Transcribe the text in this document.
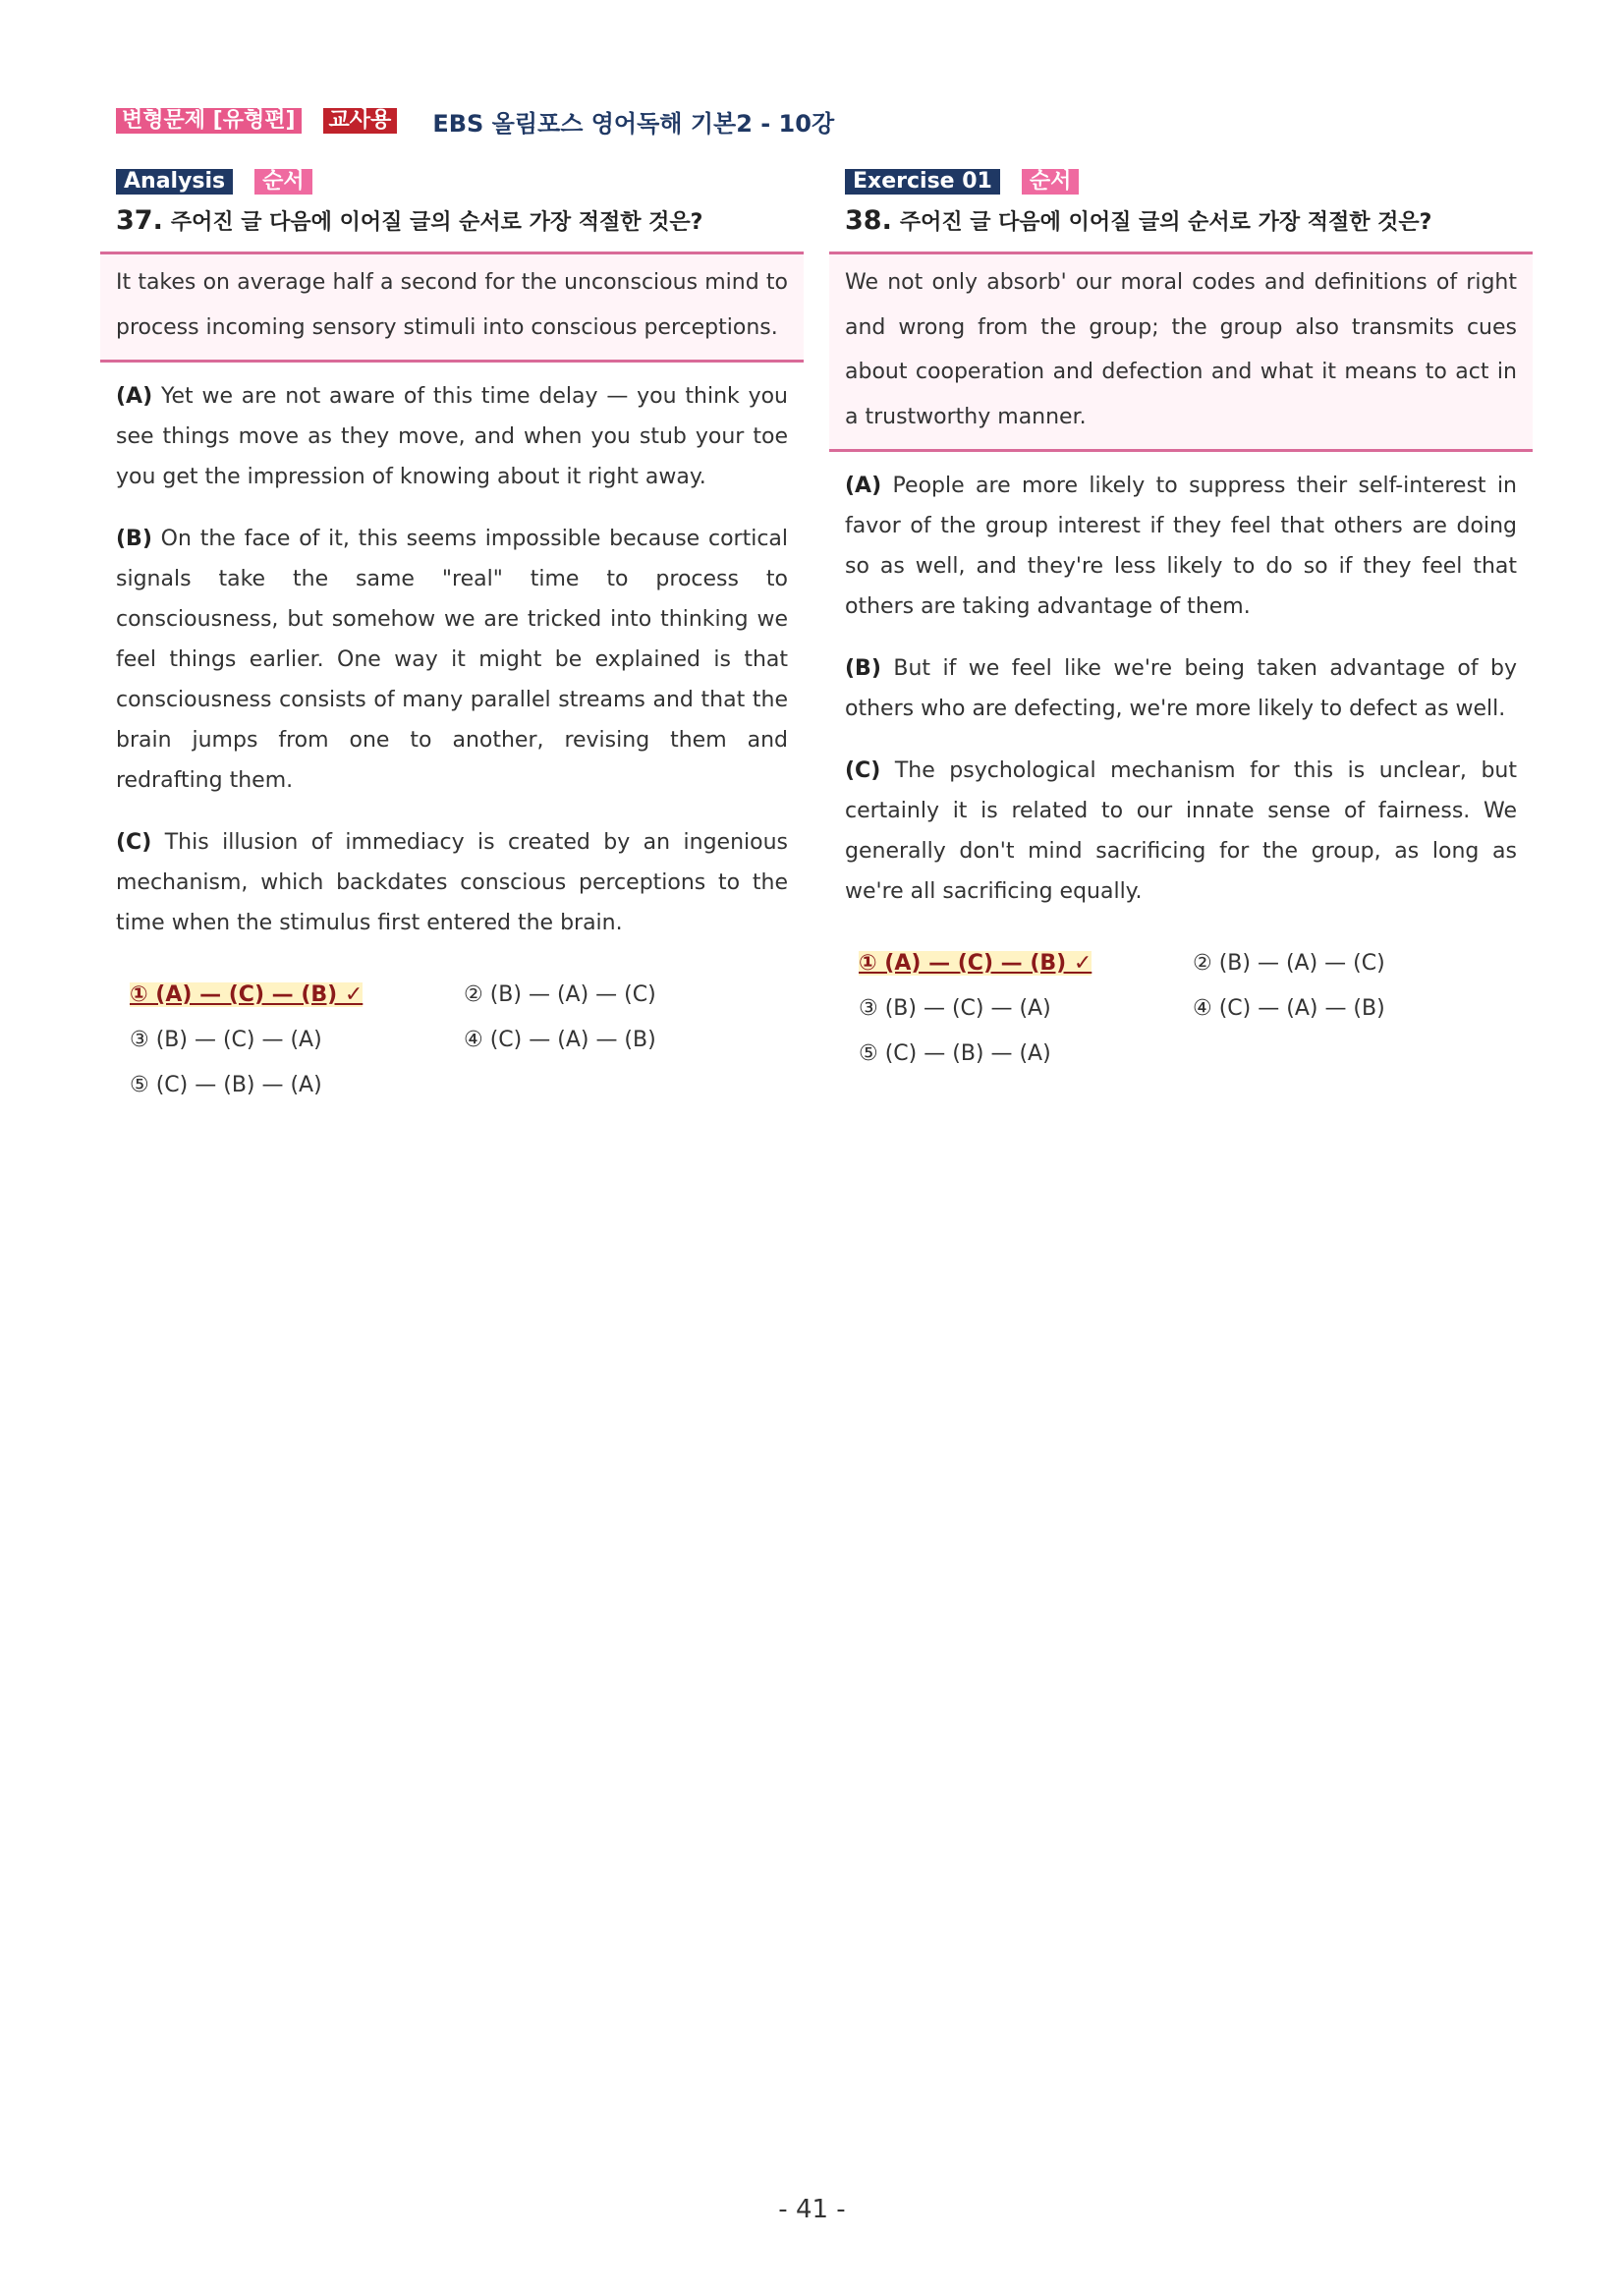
변형문제 [유형편] 교사용 EBS 올림포스 영어독해 기본2 - 10강
Analysis	순서
37. 주어진 글 다음에 이어질 글의 순서로 가장 적절한 것은?
It takes on average half a second for the unconscious mind to process incoming sensory stimuli into conscious perceptions.
(A) Yet we are not aware of this time delay — you think you see things move as they move, and when you stub your toe you get the impression of knowing about it right away.
(B) On the face of it, this seems impossible because cortical signals take the same "real" time to process to consciousness, but somehow we are tricked into thinking we feel things earlier. One way it might be explained is that consciousness consists of many parallel streams and that the brain jumps from one to another, revising them and redrafting them.
(C) This illusion of immediacy is created by an ingenious mechanism, which backdates conscious perceptions to the time when the stimulus first entered the brain.
① (A) — (C) — (B) ✓	② (B) — (A) — (C)
③ (B) — (C) — (A)	④ (C) — (A) — (B)
⑤ (C) — (B) — (A)
Exercise 01	순서
38. 주어진 글 다음에 이어질 글의 순서로 가장 적절한 것은?
We not only absorb' our moral codes and definitions of right and wrong from the group; the group also transmits cues about cooperation and defection and what it means to act in a trustworthy manner.
(A) People are more likely to suppress their self-interest in favor of the group interest if they feel that others are doing so as well, and they're less likely to do so if they feel that others are taking advantage of them.
(B) But if we feel like we're being taken advantage of by others who are defecting, we're more likely to defect as well.
(C) The psychological mechanism for this is unclear, but certainly it is related to our innate sense of fairness. We generally don't mind sacrificing for the group, as long as we're all sacrificing equally.
① (A) — (C) — (B) ✓	② (B) — (A) — (C)
③ (B) — (C) — (A)	④ (C) — (A) — (B)
⑤ (C) — (B) — (A)
- 41 -
